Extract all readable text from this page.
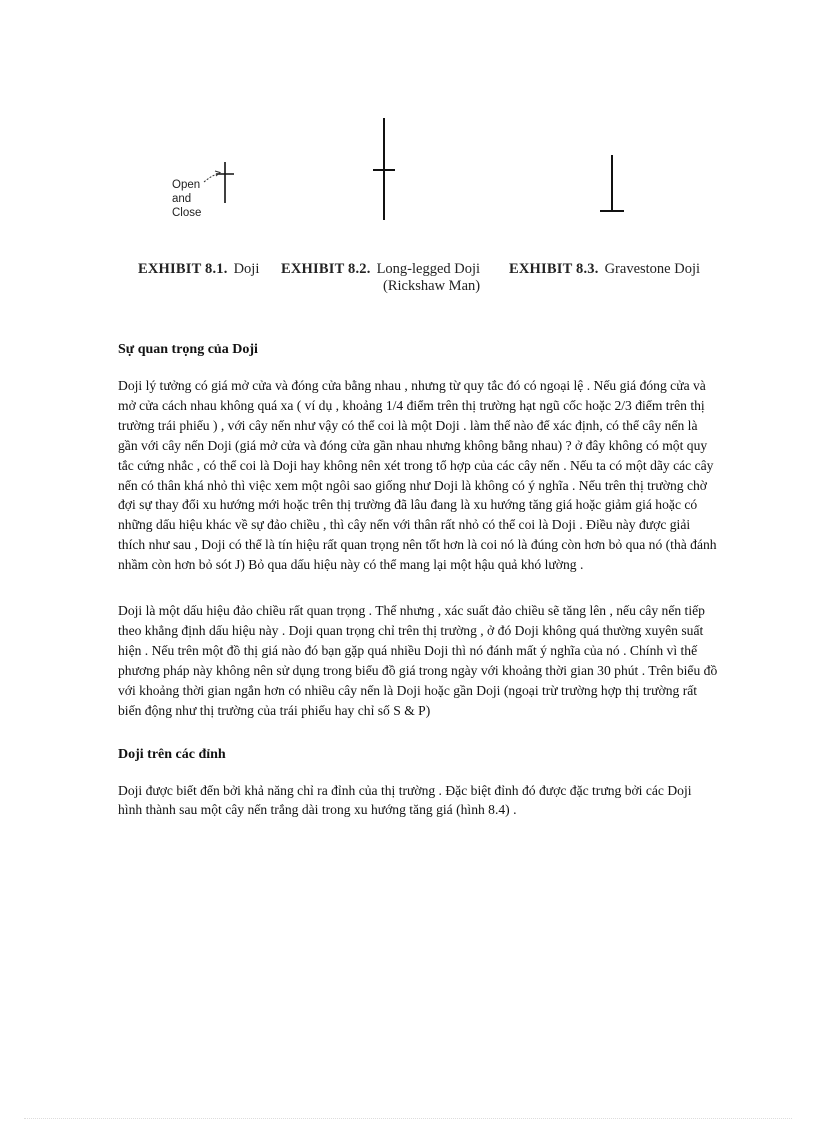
Open
and
Close
EXHIBIT 8.1. Doji EXHIBIT 8.2. Long-legged Doji
(Rickshaw Man)
EXHIBIT 8.3. Gravestone Doji
Sự quan trọng của Doji

Doji lý tưởng có giá mở cửa và đóng cửa bằng nhau , nhưng từ quy tắc đó có ngoại lệ . Nếu giá đóng cửa và mở cửa cách nhau không quá xa ( ví dụ , khoảng 1/4 điểm trên thị trường hạt ngũ cốc hoặc 2/3 điểm trên thị trường trái phiếu ) , với cây nến như vậy có thể coi là một Doji . làm thế nào để xác định, có thể cây nến là gần với cây nến Doji (giá mở cửa và đóng cửa gần nhau nhưng không bằng nhau) ? ở đây không có một quy tắc cứng nhắc , có thể coi là Doji hay không nên xét trong tổ hợp của các cây nến . Nếu ta có một dãy các cây nến có thân khá nhỏ thì việc xem một ngôi sao giống như Doji là không có ý nghĩa . Nếu trên thị trường chờ đợi sự thay đổi xu hướng mới hoặc trên thị trường đã lâu đang là xu hướng tăng giá hoặc giảm giá hoặc có những dấu hiệu khác về sự đảo chiều , thì cây nến với thân rất nhỏ có thể coi là Doji . Điều này được giải thích như sau , Doji có thể là tín hiệu rất quan trọng nên tốt hơn là coi nó là đúng còn hơn bỏ qua nó (thà đánh nhầm còn hơn bỏ sót J) Bỏ qua dấu hiệu này có thể mang lại một hậu quả khó lường .

Doji là một dấu hiệu đảo chiều rất quan trọng . Thế nhưng , xác suất đảo chiều sẽ tăng lên , nếu cây nến tiếp theo khẳng định dấu hiệu này . Doji quan trọng chỉ trên thị trường , ở đó Doji không quá thường xuyên suất hiện . Nếu trên một đồ thị giá nào đó bạn gặp quá nhiều Doji thì nó đánh mất ý nghĩa của nó . Chính vì thế phương pháp này không nên sử dụng trong biểu đồ giá trong ngày với khoảng thời gian 30 phút . Trên biểu đồ với khoảng thời gian ngắn hơn có nhiều cây nến là Doji hoặc gần Doji (ngoại trừ trường hợp thị trường rất biến động như thị trường của trái phiếu hay chỉ số S & P)

Doji trên các đỉnh

Doji được biết đến bởi khả năng chỉ ra đỉnh của thị trường . Đặc biệt đỉnh đó được đặc trưng bởi các Doji hình thành sau một cây nến trắng dài trong xu hướng tăng giá (hình 8.4) .
